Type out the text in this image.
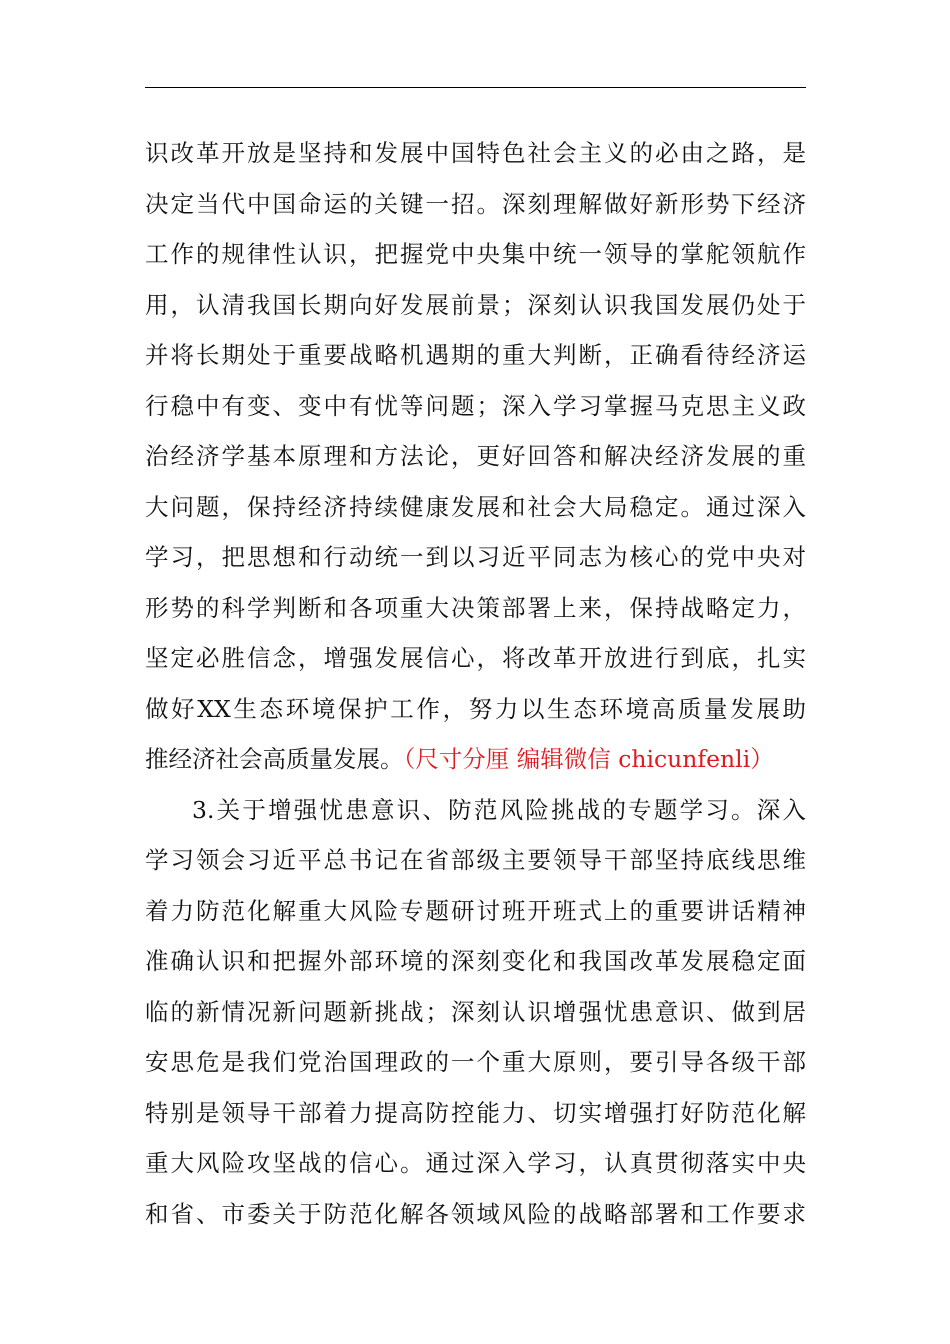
识改革开放是坚持和发展中国特色社会主义的必由之路，是
决定当代中国命运的关键一招。深刻理解做好新形势下经济
工作的规律性认识，把握党中央集中统一领导的掌舵领航作
用，认清我国长期向好发展前景；深刻认识我国发展仍处于
并将长期处于重要战略机遇期的重大判断，正确看待经济运
行稳中有变、变中有忧等问题；深入学习掌握马克思主义政
治经济学基本原理和方法论，更好回答和解决经济发展的重
大问题，保持经济持续健康发展和社会大局稳定。通过深入
学习，把思想和行动统一到以习近平同志为核心的党中央对
形势的科学判断和各项重大决策部署上来，保持战略定力，
坚定必胜信念，增强发展信心，将改革开放进行到底，扎实
做好XX生态环境保护工作，努力以生态环境高质量发展助
推经济社会高质量发展。（尺寸分厘 编辑微信 chicunfenli）
3.关于增强忧患意识、防范风险挑战的专题学习。深入
学习领会习近平总书记在省部级主要领导干部坚持底线思维
着力防范化解重大风险专题研讨班开班式上的重要讲话精神
准确认识和把握外部环境的深刻变化和我国改革发展稳定面
临的新情况新问题新挑战；深刻认识增强忧患意识、做到居
安思危是我们党治国理政的一个重大原则，要引导各级干部
特别是领导干部着力提高防控能力、切实增强打好防范化解
重大风险攻坚战的信心。通过深入学习，认真贯彻落实中央
和省、市委关于防范化解各领域风险的战略部署和工作要求
